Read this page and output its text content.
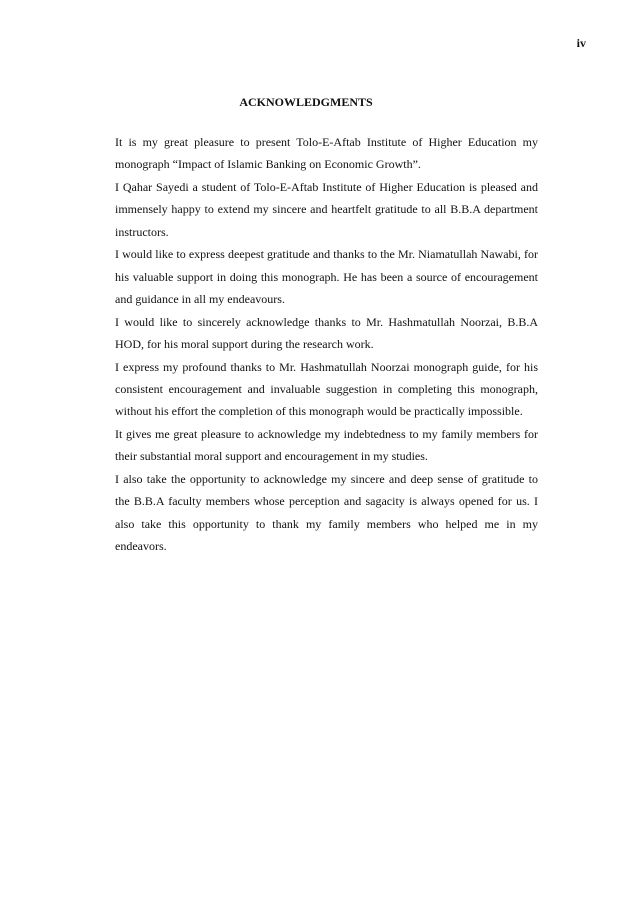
iv
ACKNOWLEDGMENTS

It is my great pleasure to present Tolo-E-Aftab Institute of Higher Education my monograph “Impact of Islamic Banking on Economic Growth”.

I Qahar Sayedi a student of Tolo-E-Aftab Institute of Higher Education is pleased and immensely happy to extend my sincere and heartfelt gratitude to all B.B.A department instructors.

I would like to express deepest gratitude and thanks to the Mr. Niamatullah Nawabi, for his valuable support in doing this monograph. He has been a source of encouragement and guidance in all my endeavours.

I would like to sincerely acknowledge thanks to Mr. Hashmatullah Noorzai, B.B.A HOD, for his moral support during the research work.

I express my profound thanks to Mr. Hashmatullah Noorzai monograph guide, for his consistent encouragement and invaluable suggestion in completing this monograph, without his effort the completion of this monograph would be practically impossible.

It gives me great pleasure to acknowledge my indebtedness to my family members for their substantial moral support and encouragement in my studies.

I also take the opportunity to acknowledge my sincere and deep sense of gratitude to the B.B.A faculty members whose perception and sagacity is always opened for us. I also take this opportunity to thank my family members who helped me in my endeavors.
